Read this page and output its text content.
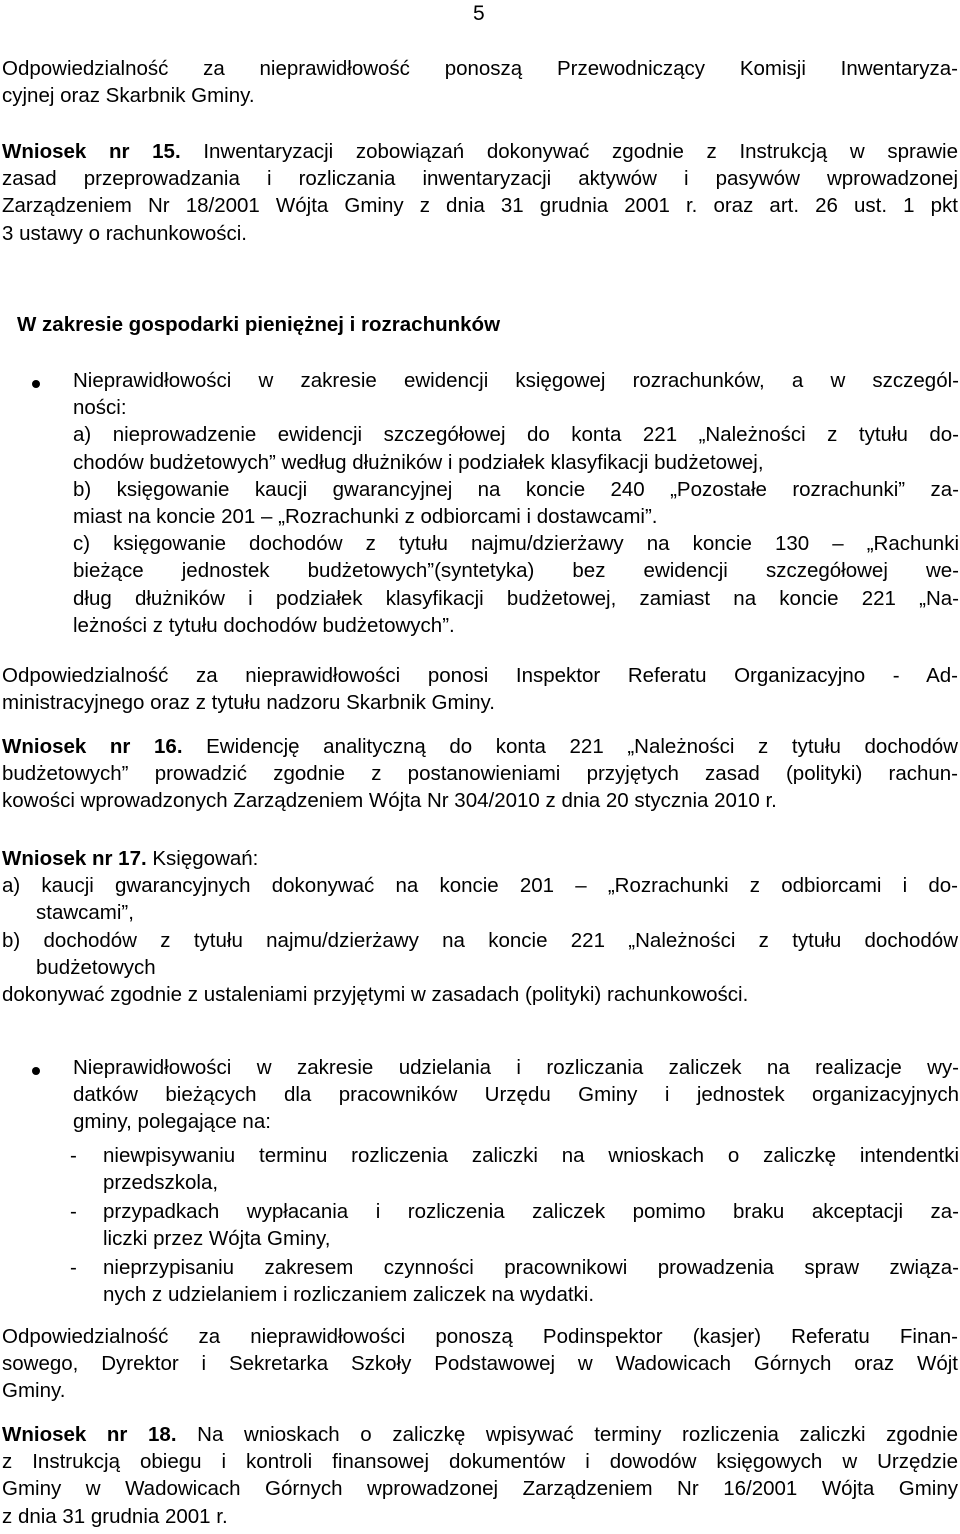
5
Odpowiedzialność za nieprawidłowość ponoszą Przewodniczący Komisji Inwentaryza-
cyjnej oraz Skarbnik Gminy.
Wniosek nr 15. Inwentaryzacji zobowiązań dokonywać zgodnie z Instrukcją w sprawie
zasad przeprowadzania i rozliczania inwentaryzacji aktywów i pasywów wprowadzonej
Zarządzeniem Nr 18/2001 Wójta Gminy z dnia 31 grudnia 2001 r. oraz art. 26 ust. 1 pkt
3 ustawy o rachunkowości.
W zakresie gospodarki pieniężnej i rozrachunków
Nieprawidłowości w zakresie ewidencji księgowej rozrachunków, a w szczegól-
ności:
a) nieprowadzenie ewidencji szczegółowej do konta 221 „Należności z tytułu do-
chodów budżetowych” według dłużników i podziałek klasyfikacji budżetowej,
b) księgowanie kaucji gwarancyjnej na koncie 240 „Pozostałe rozrachunki” za-
miast na koncie 201 – „Rozrachunki z odbiorcami i dostawcami”.
c) księgowanie dochodów z tytułu najmu/dzierżawy na koncie 130 – „Rachunki
bieżące jednostek budżetowych”(syntetyka) bez ewidencji szczegółowej we-
dług dłużników i podziałek klasyfikacji budżetowej, zamiast na koncie 221 „Na-
leżności z tytułu dochodów budżetowych”.
Odpowiedzialność za nieprawidłowości ponosi Inspektor Referatu Organizacyjno - Ad-
ministracyjnego oraz z tytułu nadzoru Skarbnik Gminy.
Wniosek nr 16. Ewidencję analityczną do konta 221 „Należności z tytułu dochodów
budżetowych” prowadzić zgodnie z postanowieniami przyjętych zasad (polityki) rachun-
kowości wprowadzonych Zarządzeniem Wójta Nr 304/2010 z dnia 20 stycznia 2010 r.
Wniosek nr 17. Księgowań:
a) kaucji gwarancyjnych dokonywać na koncie 201 – „Rozrachunki z odbiorcami i do-
stawcami”,
b) dochodów z tytułu najmu/dzierżawy na koncie 221 „Należności z tytułu dochodów
budżetowych
dokonywać zgodnie z ustaleniami przyjętymi w zasadach (polityki) rachunkowości.
Nieprawidłowości w zakresie udzielania i rozliczania zaliczek na realizacje wy-
datków bieżących dla pracowników Urzędu Gminy i jednostek organizacyjnych
gminy, polegające na:
- niewpisywaniu terminu rozliczenia zaliczki na wnioskach o zaliczkę intendentki
przedszkola,
- przypadkach wypłacania i rozliczenia zaliczek pomimo braku akceptacji za-
liczki przez Wójta Gminy,
- nieprzypisaniu zakresem czynności pracownikowi prowadzenia spraw związa-
nych z udzielaniem i rozliczaniem zaliczek na wydatki.
Odpowiedzialność za nieprawidłowości ponoszą Podinspektor (kasjer) Referatu Finan-
sowego, Dyrektor i Sekretarka Szkoły Podstawowej w Wadowicach Górnych oraz Wójt
Gminy.
Wniosek nr 18. Na wnioskach o zaliczkę wpisywać terminy rozliczenia zaliczki zgodnie
z Instrukcją obiegu i kontroli finansowej dokumentów i dowodów księgowych w Urzędzie
Gminy w Wadowicach Górnych wprowadzonej Zarządzeniem Nr 16/2001 Wójta Gminy
z dnia 31 grudnia 2001 r.
